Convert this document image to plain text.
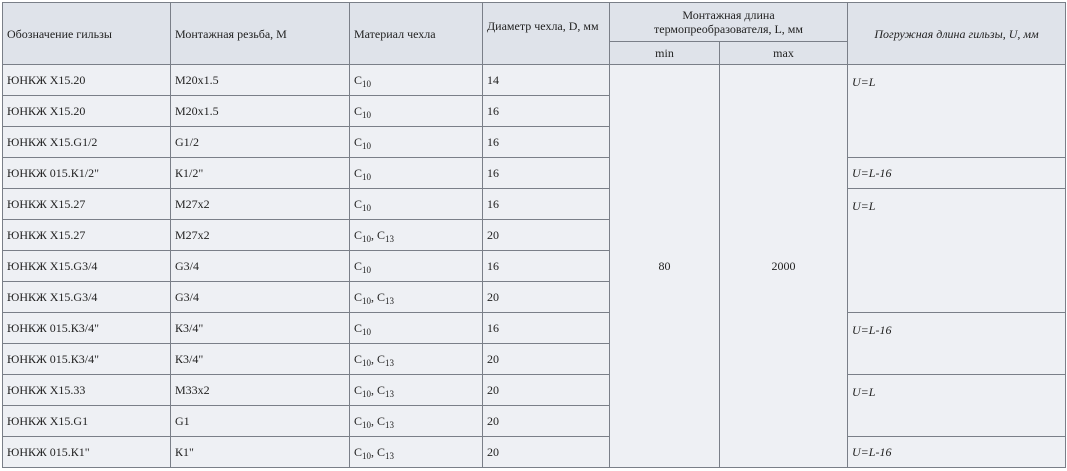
Обозначение гильзы	Монтажная резьба, М	Материал чехла	Диаметр чехла, D, мм	Монтажная длина термопреобразователя, L, мм		Погружная длина гильзы, U, мм
				min	max	
ЮНКЖ Х15.20	М20х1.5	$С_{10}$	14	80	2000	U=L
ЮНКЖ Х15.20	М20х1.5	$С_{10}$	16			
ЮНКЖ Х15.G1/2	G1/2	$С_{10}$	16			
ЮНКЖ 015.К1/2"	К1/2"	$С_{10}$	16			U=L-16
ЮНКЖ Х15.27	М27х2	$С_{10}$	16			U=L
ЮНКЖ Х15.27	М27х2	$С_{10}$, $С_{13}$	20			
ЮНКЖ Х15.G3/4	G3/4	$С_{10}$	16			
ЮНКЖ Х15.G3/4	G3/4	$С_{10}$, $С_{13}$	20			
ЮНКЖ 015.К3/4"	К3/4"	$С_{10}$	16			U=L-16
ЮНКЖ 015.К3/4"	К3/4"	$С_{10}$, $С_{13}$	20			
ЮНКЖ Х15.33	М33х2	$С_{10}$, $С_{13}$	20			U=L
ЮНКЖ Х15.G1	G1	$С_{10}$, $С_{13}$	20			
ЮНКЖ 015.К1"	К1"	$С_{10}$, $С_{13}$	20			U=L-16
